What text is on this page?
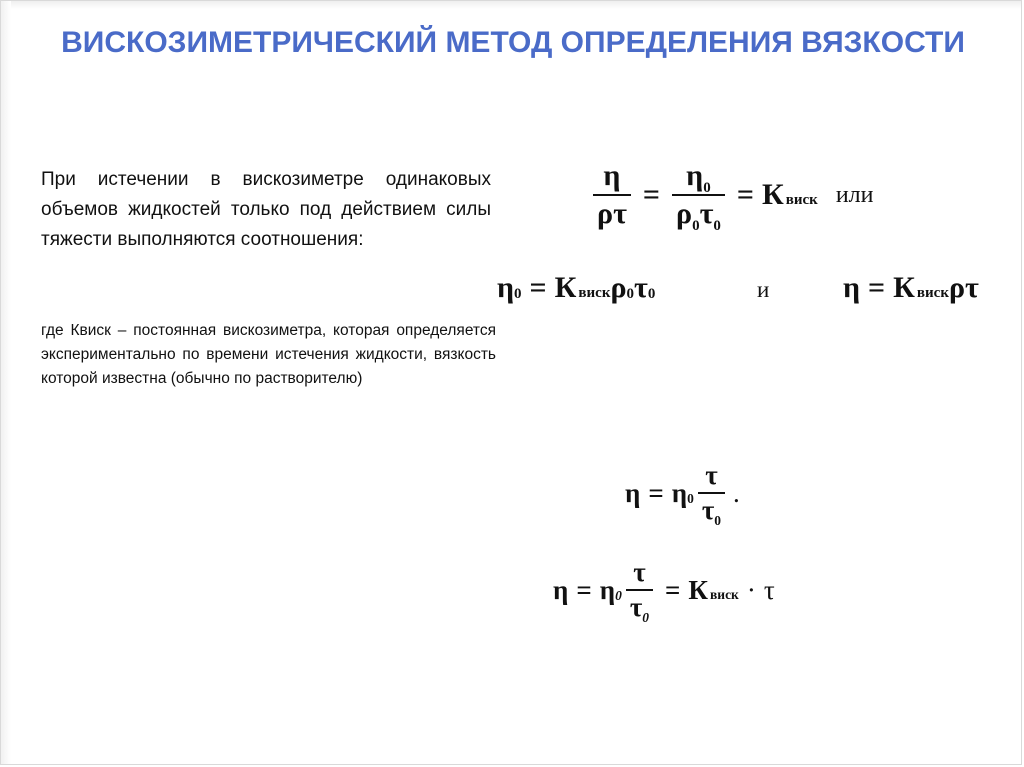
ВИСКОЗИМЕТРИЧЕСКИЙ МЕТОД ОПРЕДЕЛЕНИЯ ВЯЗКОСТИ

При истечении в вискозиметре одинаковых объемов жидкостей только под действием силы тяжести выполняются соотношения:

где Квиск – постоянная вискозиметра, которая определяется экспериментально по времени истечения жидкости, вязкость которой известна (обычно по растворителю)

$\frac{\eta}{\rho\tau} = \frac{\eta_0}{\rho_0\tau_0} = К$ виск или
η 0 = К виск ρ 0 τ 0	и η = К виск ρ τ
η = η $0 \frac{\tau}{\tau_0}$ .
η = η $0 \frac{\tau}{\tau_0} = К$ виск · τ
